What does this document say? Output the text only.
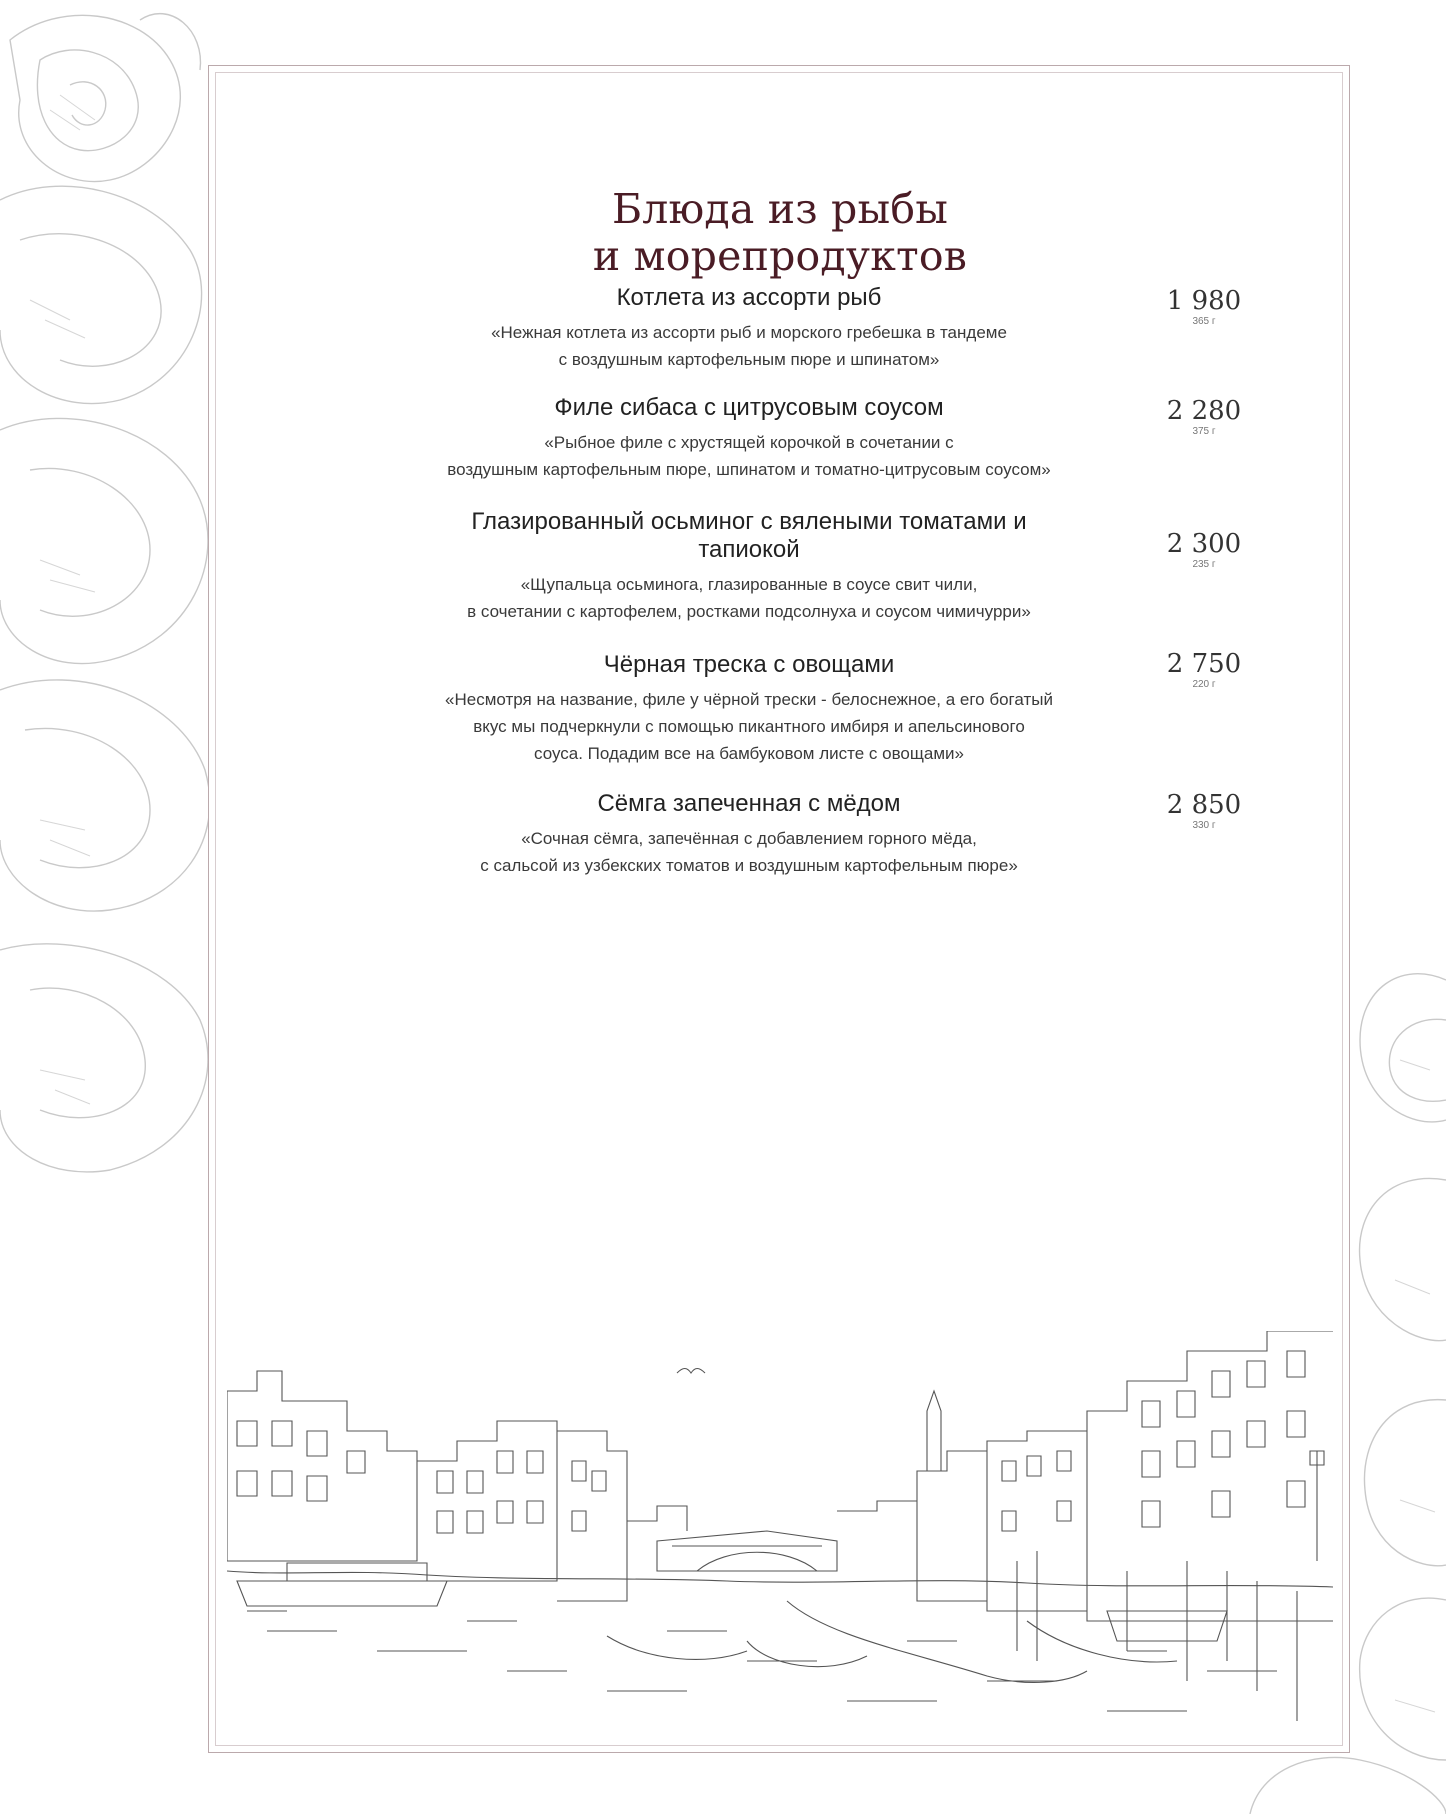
Блюда из рыбы
и морепродуктов
Котлета из ассорти рыб
«Нежная котлета из ассорти рыб и морского гребешка в тандеме
с воздушным картофельным пюре и шпинатом»
1 980
365 г
Филе сибаса с цитрусовым соусом
«Рыбное филе с хрустящей корочкой в сочетании с
воздушным картофельным пюре, шпинатом и томатно-цитрусовым соусом»
2 280
375 г
Глазированный осьминог с вялеными томатами и
тапиокой
«Щупальца осьминога, глазированные в соусе свит чили,
в сочетании с картофелем, ростками подсолнуха и соусом чимичурри»
2 300
235 г
Чёрная треска с овощами
«Несмотря на название, филе у чёрной трески - белоснежное, а его богатый
вкус мы подчеркнули с помощью пикантного имбиря и апельсинового
соуса. Подадим все на бамбуковом листе с овощами»
2 750
220 г
Сёмга запеченная с мёдом
«Сочная сёмга, запечённая с добавлением горного мёда,
с сальсой из узбекских томатов и воздушным картофельным пюре»
2 850
330 г
